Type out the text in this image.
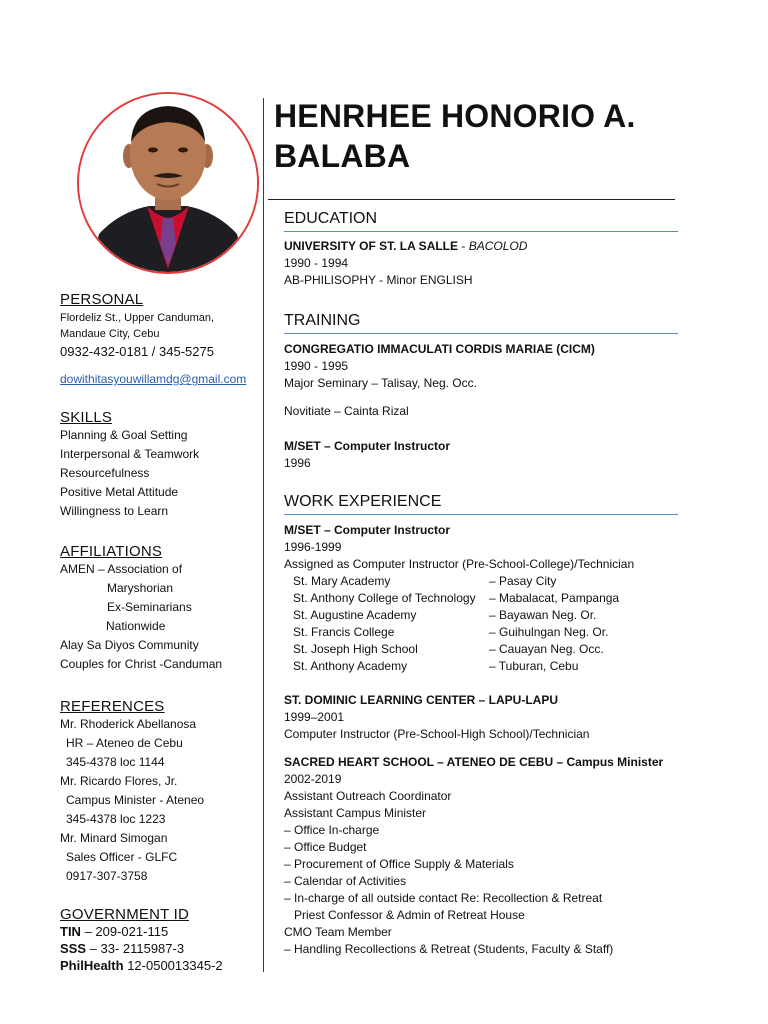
PERSONAL
Flordeliz St., Upper Canduman,
Mandaue City, Cebu
0932-432-0181 / 345-5275
dowithitasyouwillamdg@gmail.com
SKILLS
Planning & Goal Setting
Interpersonal & Teamwork
Resourcefulness
Positive Metal Attitude
Willingness to Learn
AFFILIATIONS
AMEN – Association of
Maryshorian
Ex-Seminarians
Nationwide
Alay Sa Diyos Community
Couples for Christ -Canduman
REFERENCES
Mr. Rhoderick Abellanosa
HR – Ateneo de Cebu
345-4378 loc 1144
Mr. Ricardo Flores, Jr.
Campus Minister - Ateneo
345-4378 loc 1223
Mr. Minard Simogan
Sales Officer - GLFC
0917-307-3758
GOVERNMENT ID
TIN – 209-021-115
SSS – 33- 2115987-3
PhilHealth 12-050013345-2
HENRHEE HONORIO A.
BALABA
EDUCATION
UNIVERSITY OF ST. LA SALLE - BACOLOD
1990 - 1994
AB-PHILISOPHY - Minor ENGLISH
TRAINING
CONGREGATIO IMMACULATI CORDIS MARIAE (CICM)
1990 - 1995
Major Seminary – Talisay, Neg. Occ.
Novitiate – Cainta Rizal
M/SET – Computer Instructor
1996
WORK EXPERIENCE
M/SET – Computer Instructor
1996-1999
Assigned as Computer Instructor (Pre-School-College)/Technician
St. Mary Academy	– Pasay City
St. Anthony College of Technology	– Mabalacat, Pampanga
St. Augustine Academy	– Bayawan Neg. Or.
St. Francis College	– Guihulngan Neg. Or.
St. Joseph High School	– Cauayan Neg. Occ.
St. Anthony Academy	– Tuburan, Cebu
ST. DOMINIC LEARNING CENTER – LAPU-LAPU
1999–2001
Computer Instructor (Pre-School-High School)/Technician
SACRED HEART SCHOOL – ATENEO DE CEBU – Campus Minister
2002-2019
Assistant Outreach Coordinator
Assistant Campus Minister
– Office In-charge
– Office Budget
– Procurement of Office Supply & Materials
– Calendar of Activities
– In-charge of all outside contact Re: Recollection & Retreat
Priest Confessor & Admin of Retreat House
CMO Team Member
– Handling Recollections & Retreat (Students, Faculty & Staff)
